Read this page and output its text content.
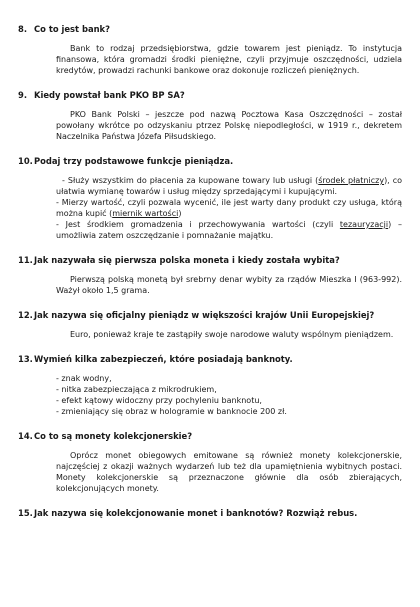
8. Co to jest bank?

Bank to rodzaj przedsiębiorstwa, gdzie towarem jest pieniądz. To instytucja finansowa, która gromadzi środki pieniężne, czyli przyjmuje oszczędności, udziela kredytów, prowadzi rachunki bankowe oraz dokonuje rozliczeń pieniężnych.

9. Kiedy powstał bank PKO BP SA?

PKO Bank Polski – jeszcze pod nazwą Pocztowa Kasa Oszczędności – został powołany wkrótce po odzyskaniu ptrzez Polskę niepodległości, w 1919 r., dekretem Naczelnika Państwa Józefa Piłsudskiego.

10.Podaj trzy podstawowe funkcje pieniądza.

- Służy wszystkim do płacenia za kupowane towary lub usługi (środek płatniczy), co ułatwia wymianę towarów i usług między sprzedającymi i kupującymi.

- Mierzy wartość, czyli pozwala wycenić, ile jest warty dany produkt czy usługa, którą można kupić (miernik wartości)

- Jest środkiem gromadzenia i przechowywania wartości (czyli tezauryzacji) – umożliwia zatem oszczędzanie i pomnażanie majątku.

11.Jak nazywała się pierwsza polska moneta i kiedy została wybita?

Pierwszą polską monetą był srebrny denar wybity za rządów Mieszka I (963-992). Ważył około 1,5 grama.

12.Jak nazywa się oficjalny pieniądz w większości krajów Unii Europejskiej?

Euro, ponieważ kraje te zastąpiły swoje narodowe waluty wspólnym pieniądzem.

13.Wymień kilka zabezpieczeń, które posiadają banknoty.

- znak wodny,

- nitka zabezpieczająca z mikrodrukiem,

- efekt kątowy widoczny przy pochyleniu banknotu,

- zmieniający się obraz w hologramie w banknocie 200 zł.

14.Co to są monety kolekcjonerskie?

Oprócz monet obiegowych emitowane są również monety kolekcjonerskie, najczęściej z okazji ważnych wydarzeń lub też dla upamiętnienia wybitnych postaci. Monety kolekcjonerskie są przeznaczone głównie dla osób zbierających, kolekcjonujących monety.

15.Jak nazywa się kolekcjonowanie monet i banknotów? Rozwiąż rebus.
